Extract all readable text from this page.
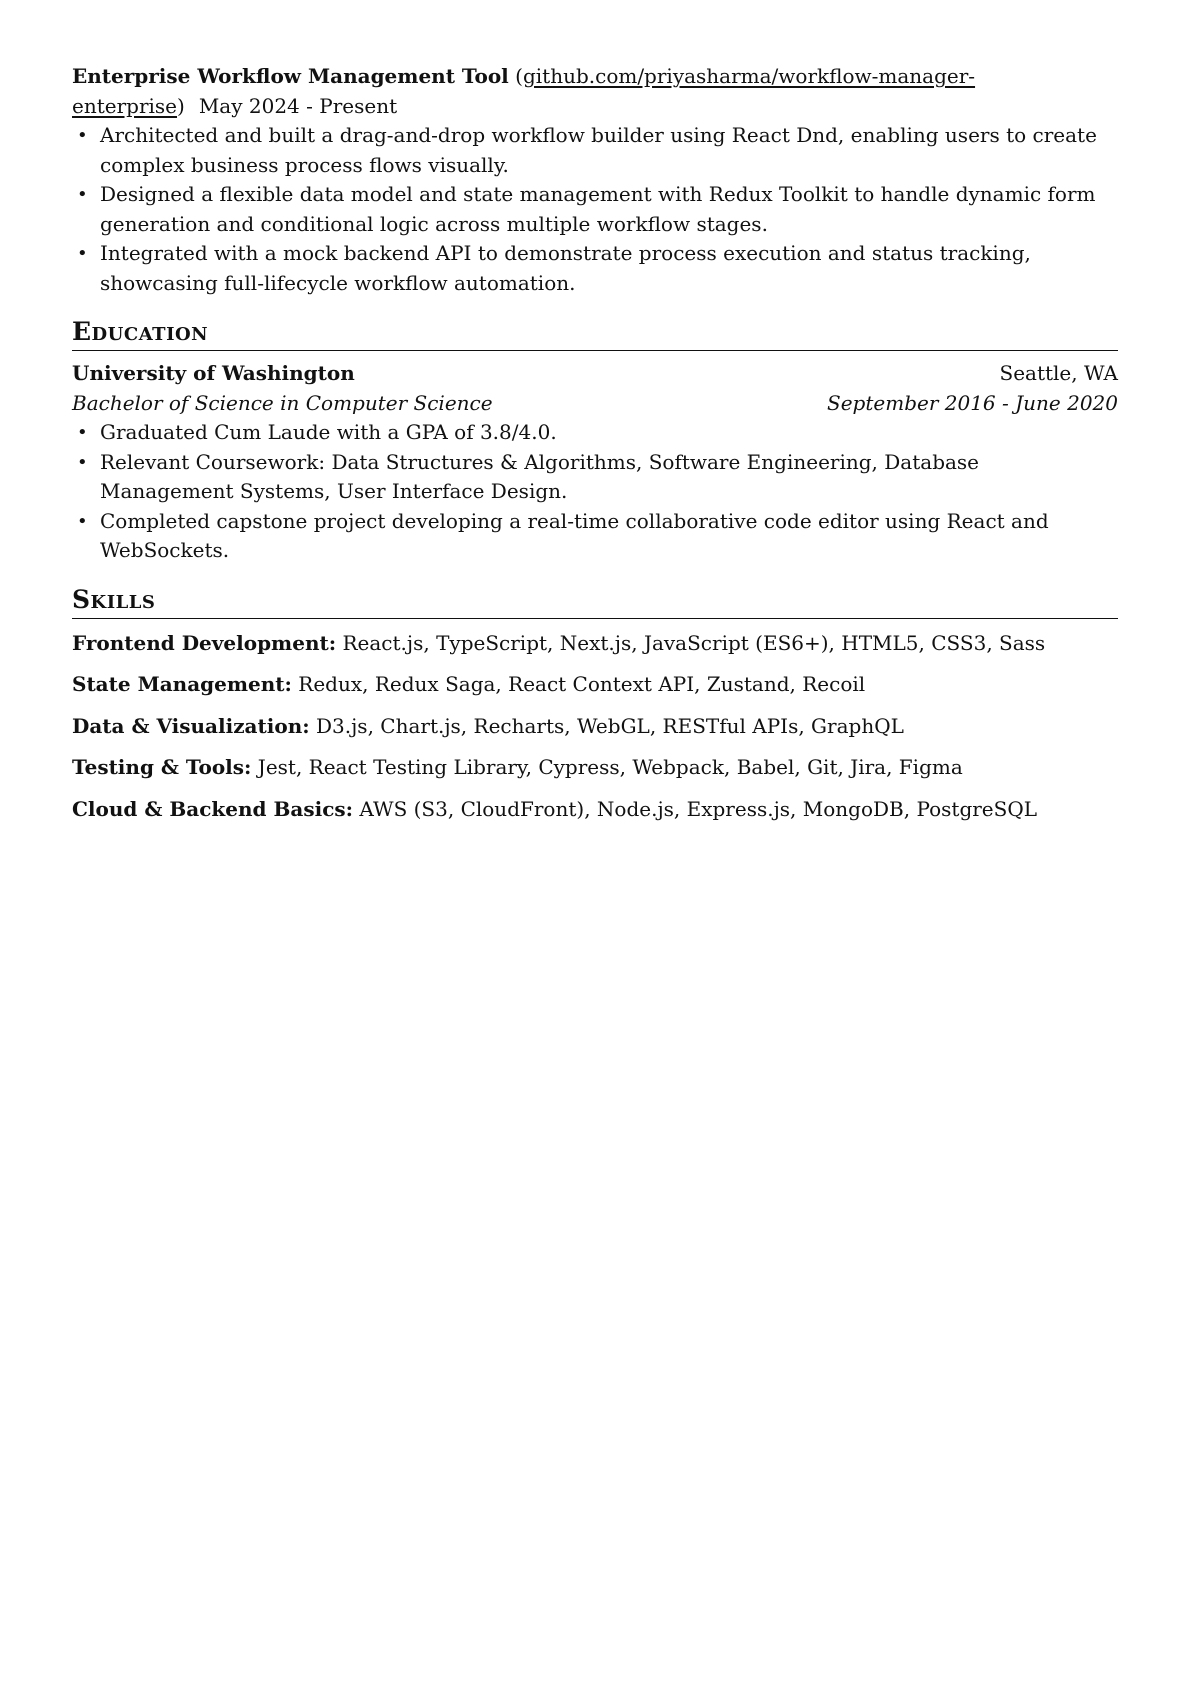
Enterprise Workflow Management Tool (github.com/priyasharma/workflow-manager-enterprise) May 2024 - Present

• Architected and built a drag-and-drop workflow builder using React Dnd, enabling users to create complex business process flows visually.
• Designed a flexible data model and state management with Redux Toolkit to handle dynamic form generation and conditional logic across multiple workflow stages.
• Integrated with a mock backend API to demonstrate process execution and status tracking, showcasing full-lifecycle workflow automation.
Education
University of Washington	Seattle, WA
Bachelor of Science in Computer Science	September 2016 - June 2020
• Graduated Cum Laude with a GPA of 3.8/4.0.
• Relevant Coursework: Data Structures & Algorithms, Software Engineering, Database Management Systems, User Interface Design.
• Completed capstone project developing a real-time collaborative code editor using React and WebSockets.
Skills
Frontend Development: React.js, TypeScript, Next.js, JavaScript (ES6+), HTML5, CSS3, Sass
State Management: Redux, Redux Saga, React Context API, Zustand, Recoil
Data & Visualization: D3.js, Chart.js, Recharts, WebGL, RESTful APIs, GraphQL
Testing & Tools: Jest, React Testing Library, Cypress, Webpack, Babel, Git, Jira, Figma
Cloud & Backend Basics: AWS (S3, CloudFront), Node.js, Express.js, MongoDB, PostgreSQL
